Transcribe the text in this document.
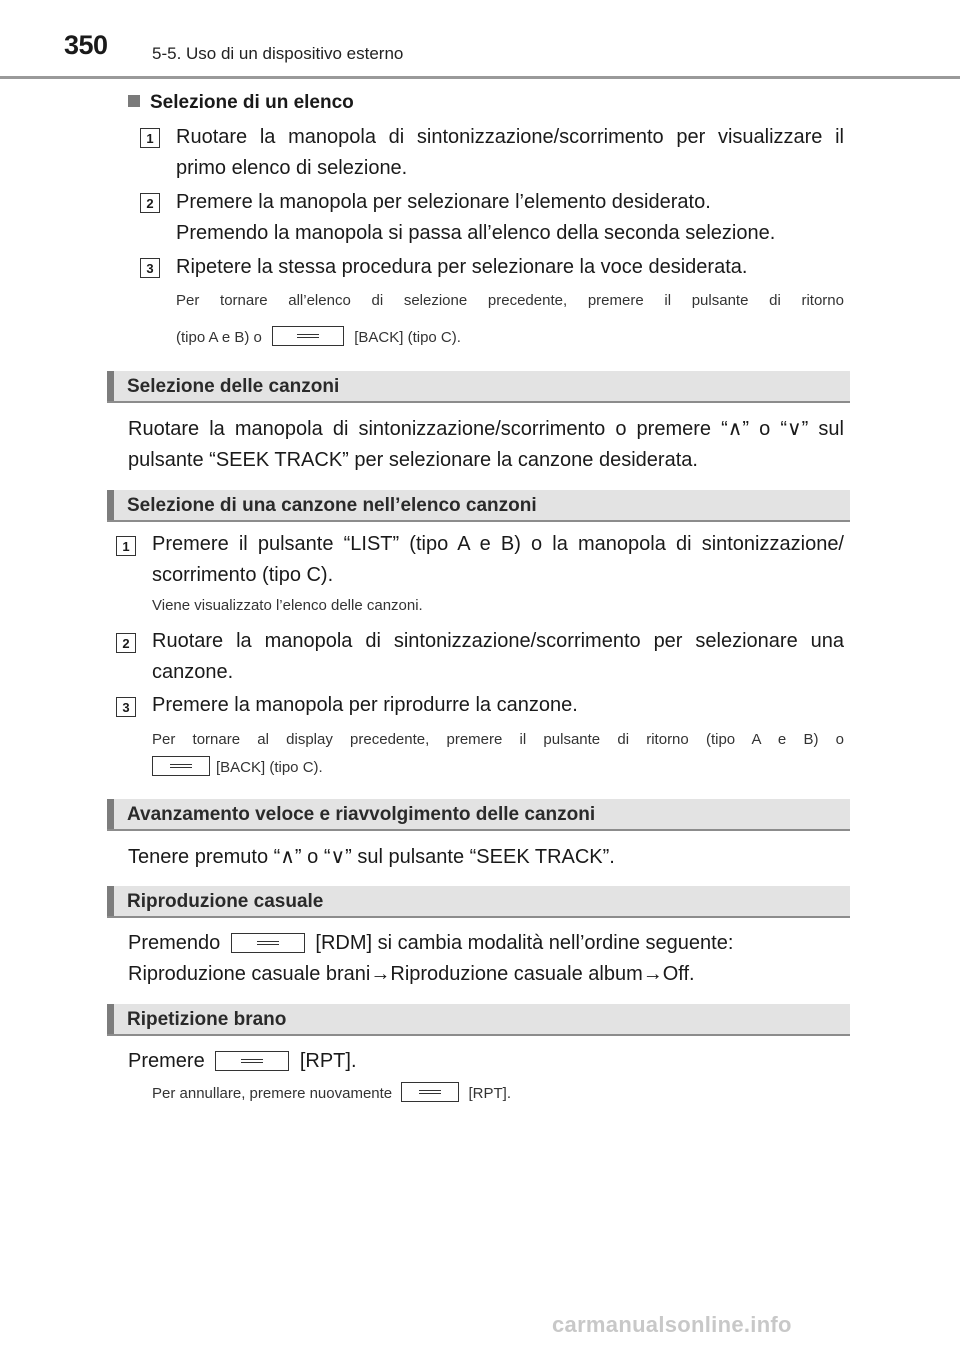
350	5-5. Uso di un dispositivo esterno
Selezione di un elenco
1	Ruotare la manopola di sintonizzazione/scorrimento per visualizzare il primo elenco di selezione.
2	Premere la manopola per selezionare l’elemento desiderato.
Premendo la manopola si passa all’elenco della seconda selezione.
3	Ripetere la stessa procedura per selezionare la voce desiderata.
Per tornare all’elenco di selezione precedente, premere il pulsante di ritorno
(tipo A e B) o	[BACK] (tipo C).
Selezione delle canzoni
Ruotare la manopola di sintonizzazione/scorrimento o premere “∧” o “∨” sul
pulsante “SEEK TRACK” per selezionare la canzone desiderata.
Selezione di una canzone nell’elenco canzoni
1	Premere il pulsante “LIST” (tipo A e B) o la manopola di sintonizzazione/ scorrimento (tipo C).
Viene visualizzato l’elenco delle canzoni.
2	Ruotare la manopola di sintonizzazione/scorrimento per selezionare una canzone.
3	Premere la manopola per riprodurre la canzone.
Per tornare al display precedente, premere il pulsante di ritorno (tipo A e B) o
[BACK] (tipo C).
Avanzamento veloce e riavvolgimento delle canzoni
Tenere premuto “∧” o “∨” sul pulsante “SEEK TRACK”.
Riproduzione casuale
Premendo	[RDM] si cambia modalità nell’ordine seguente:
Riproduzione casuale brani→Riproduzione casuale album→Off.
Ripetizione brano
Premere	[RPT].
Per annullare, premere nuovamente	[RPT].
carmanualsonline.info
